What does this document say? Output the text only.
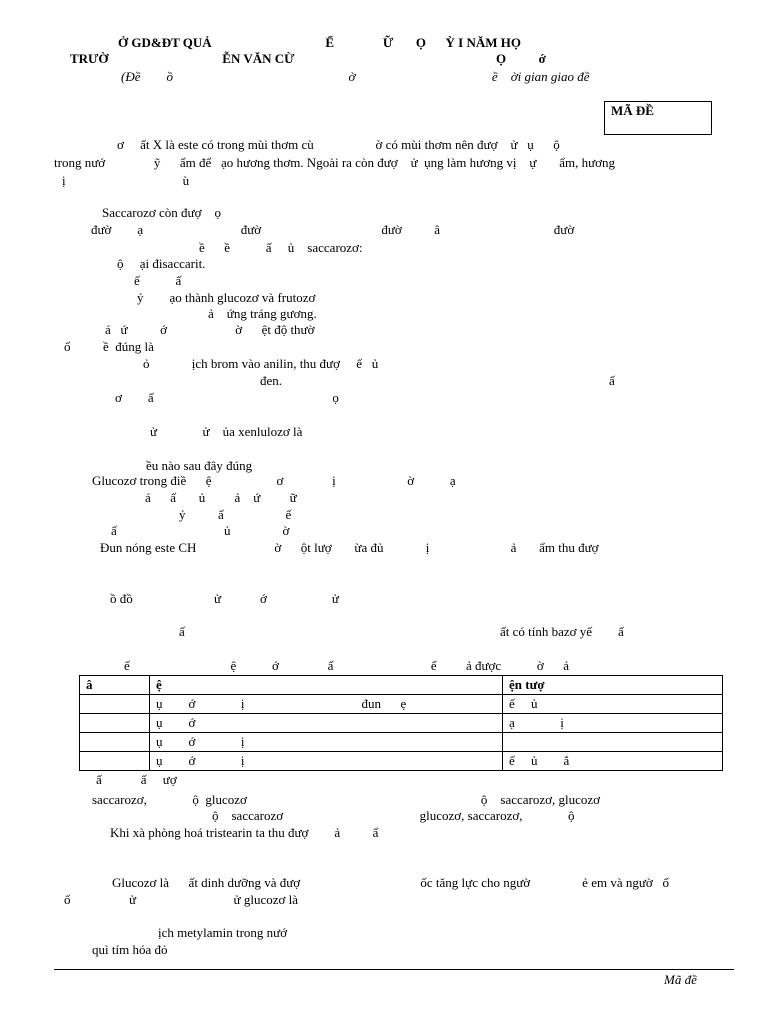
Ở GD&ĐT QUẢ                                   Ế               Ữ       Ọ      Ỳ I NĂM HỌ
TRƯỜ                                   ỄN VĂN CỪ                                                              Ọ          ớ
(Đề        ồ                                                      ờ                                          ề    ời gian giao đề
MÃ ĐỀ
ơ     ất X là este có trong mùi thơm cù                   ờ có mùi thơm nên đượ    ử   ụ      ộ
trong nướ               ỹ      ẩm để   ạo hương thơm. Ngoài ra còn đượ    ử  ụng làm hương vị    ự       ẩm, hương
ị                                    ù
Saccarozơ còn đượ    ọ
đườ        ạ                              đườ                                     đườ          â                                   đườ
ề      ề           ấ     ủ    saccarozơ:
ộ     ại đisaccarit.
ế           ấ
ỷ        ạo thành glucozơ và frutozơ
ả    ứng tráng gương.
á   ứ          ớ                     ờ      ệt độ thườ
ố          ề  đúng là
ỏ             ịch brom vào anilin, thu đượ     ế   ủ
đen.	ấ
ơ        ấ                                                       ọ
ử              ử    ủa xenlulozơ là
ều nào sau đây đúng
Glucozơ trong điề      ệ                    ơ               ị                      ờ           ạ
á      ấ       ủ         ả    ứ         ữ
ỷ          ấ                   ế
ấ                                 ủ                ờ
Đun nóng este CH                        ờ      ột lượ       ừa đủ             ị                         ả       ẩm thu đượ
ồ đồ                         ử            ớ                    ử
ấ	ất có tính bazơ yế        ấ
ế                               ệ           ớ               ấ                              ế         ả được           ờ      ả
â	ệ	ện tượ
	ụ        ớ              ị                                    đun      ẹ	ế     ủ
	ụ        ớ	ạ              ị
	ụ        ớ              ị	
	ụ        ớ              ị	ế     ủ        ắ
ấ            ấ     ượ
saccarozơ,              ộ  glucozơ                                                                        ộ    saccarozơ, glucozơ
ộ    saccarozơ                                          glucozơ, saccarozơ,              ộ
Khi xà phòng hoá tristearin ta thu đượ        ả          ẩ
Glucozơ là      ất dinh dưỡng và đượ                                     ốc tăng lực cho ngườ                ẻ em và ngườ   ố
ố                  ử                              ử glucozơ là
ịch metylamin trong nướ
quì tím hóa đỏ
Mã đề
